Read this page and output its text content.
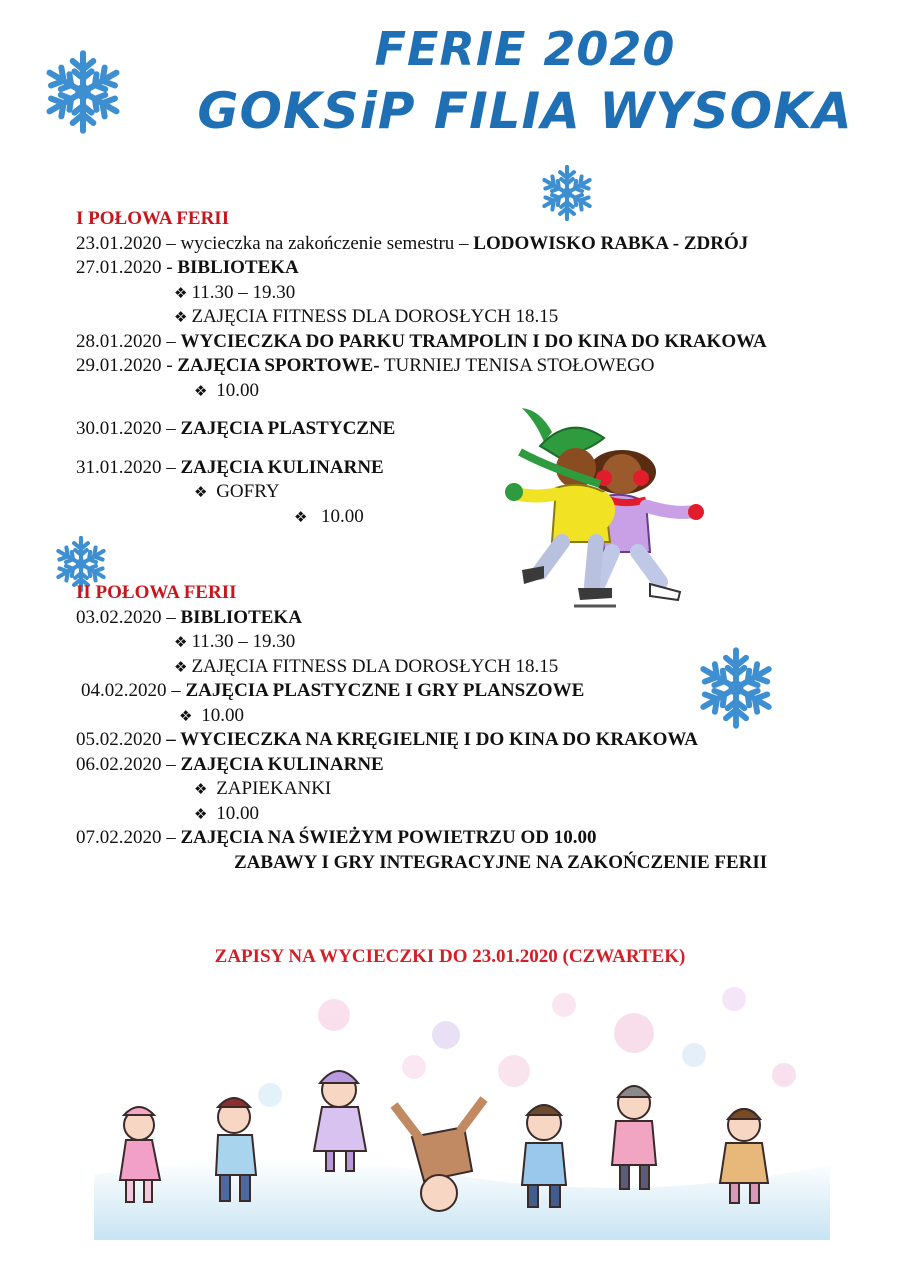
FERIE 2020
GOKSiP FILIA WYSOKA
I POŁOWA FERII
23.01.2020 – wycieczka na zakończenie semestru – LODOWISKO RABKA - ZDRÓJ
27.01.2020 - BIBLIOTEKA
❖ 11.30 – 19.30
❖ ZAJĘCIA FITNESS DLA DOROSŁYCH 18.15
28.01.2020 – WYCIECZKA DO PARKU TRAMPOLIN I DO KINA DO KRAKOWA
29.01.2020 - ZAJĘCIA SPORTOWE- TURNIEJ TENISA STOŁOWEGO
❖ 10.00
30.01.2020 – ZAJĘCIA PLASTYCZNE
31.01.2020 – ZAJĘCIA KULINARNE
❖ GOFRY
❖ 10.00
II POŁOWA FERII
03.02.2020 – BIBLIOTEKA
❖ 11.30 – 19.30
❖ ZAJĘCIA FITNESS DLA DOROSŁYCH 18.15
04.02.2020 – ZAJĘCIA PLASTYCZNE I GRY PLANSZOWE
❖ 10.00
05.02.2020 – WYCIECZKA NA KRĘGIELNIĘ I DO KINA DO KRAKOWA
06.02.2020 – ZAJĘCIA KULINARNE
❖ ZAPIEKANKI
❖ 10.00
07.02.2020 – ZAJĘCIA NA ŚWIEŻYM POWIETRZU OD 10.00
ZABAWY I GRY INTEGRACYJNE NA ZAKOŃCZENIE FERII
ZAPISY NA WYCIECZKI DO 23.01.2020 (CZWARTEK)
